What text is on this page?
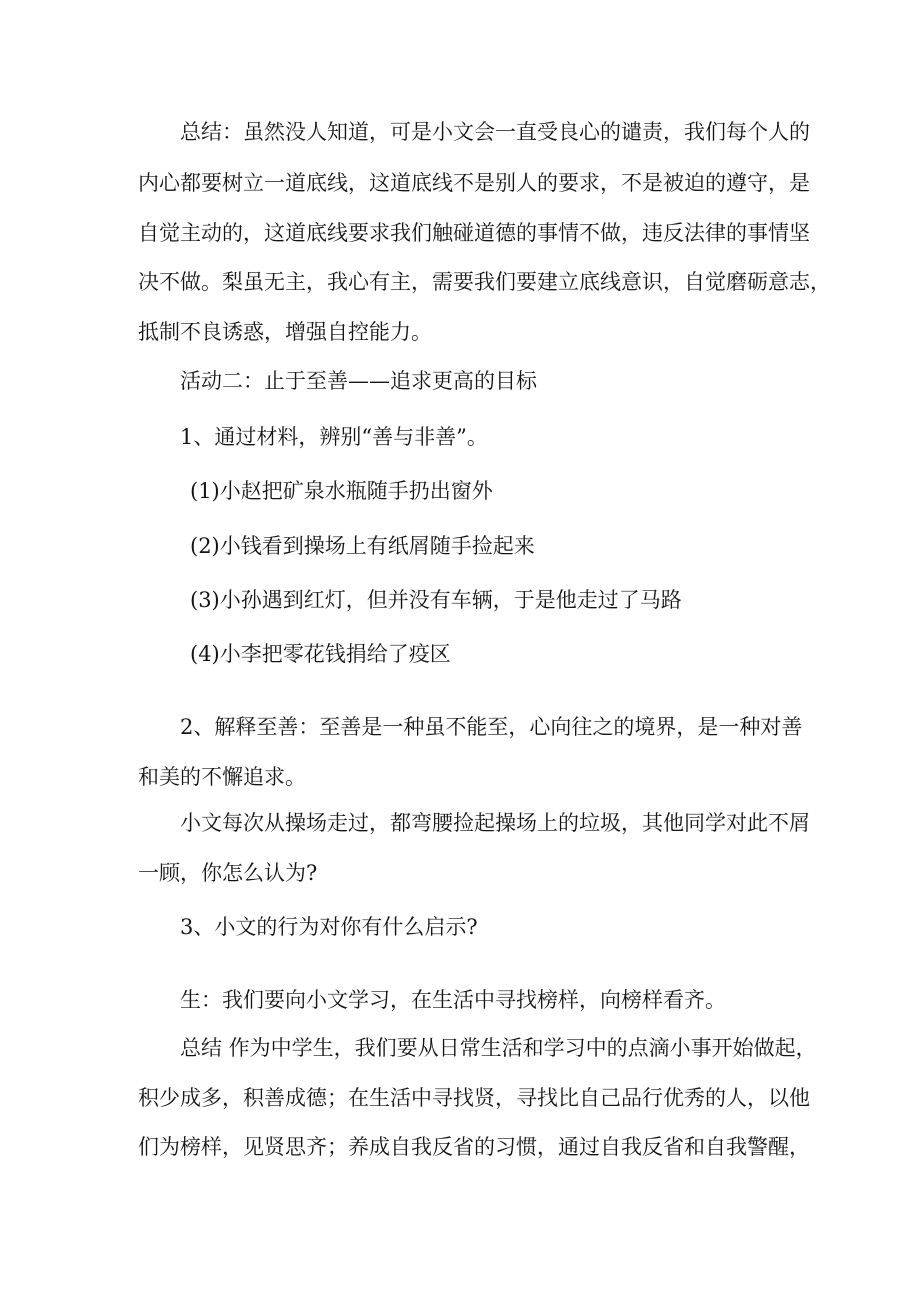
总结：虽然没人知道，可是小文会一直受良心的谴责，我们每个人的
内心都要树立一道底线，这道底线不是别人的要求，不是被迫的遵守，是
自觉主动的，这道底线要求我们触碰道德的事情不做，违反法律的事情坚
决不做。梨虽无主，我心有主，需要我们要建立底线意识，自觉磨砺意志，
抵制不良诱惑，增强自控能力。
活动二：止于至善——追求更高的目标
1、通过材料，辨别“善与非善”。
(1)小赵把矿泉水瓶随手扔出窗外
(2)小钱看到操场上有纸屑随手捡起来
(3)小孙遇到红灯，但并没有车辆，于是他走过了马路
(4)小李把零花钱捐给了疫区
2、解释至善：至善是一种虽不能至，心向往之的境界，是一种对善
和美的不懈追求。
小文每次从操场走过，都弯腰捡起操场上的垃圾，其他同学对此不屑
一顾，你怎么认为?
3、小文的行为对你有什么启示?
生：我们要向小文学习，在生活中寻找榜样，向榜样看齐。
总结 作为中学生，我们要从日常生活和学习中的点滴小事开始做起，
积少成多，积善成德；在生活中寻找贤，寻找比自己品行优秀的人，以他
们为榜样，见贤思齐；养成自我反省的习惯，通过自我反省和自我警醒，
